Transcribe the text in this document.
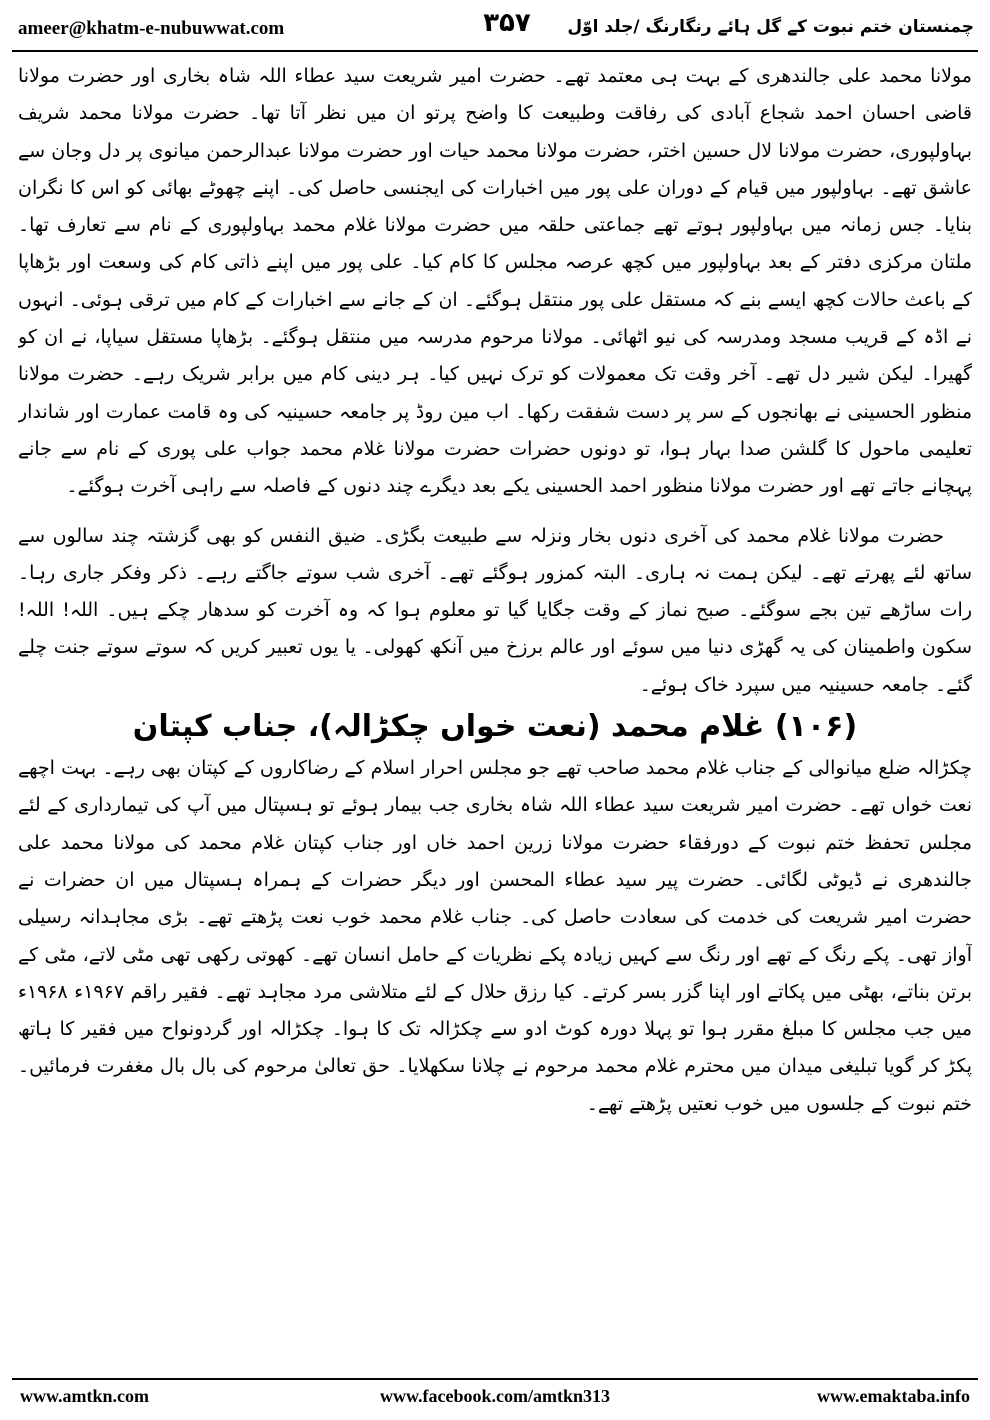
ameer@khatm-e-nubuwwat.com	۳۵۷	چمنستان ختم نبوت کے گل ہائے رنگارنگ /جلد اوّل

مولانا محمد علی جالندھری کے بہت ہی معتمد تھے۔ حضرت امیر شریعت سید عطاء اللہ شاہ بخاری اور حضرت مولانا قاضی احسان احمد شجاع آبادی کی رفاقت وطبیعت کا واضح پرتو ان میں نظر آتا تھا۔ حضرت مولانا محمد شریف بہاولپوری، حضرت مولانا لال حسین اختر، حضرت مولانا محمد حیات اور حضرت مولانا عبدالرحمن میانوی پر دل وجان سے عاشق تھے۔ بہاولپور میں قیام کے دوران علی پور میں اخبارات کی ایجنسی حاصل کی۔ اپنے چھوٹے بھائی کو اس کا نگران بنایا۔ جس زمانہ میں بہاولپور ہوتے تھے جماعتی حلقہ میں حضرت مولانا غلام محمد بہاولپوری کے نام سے تعارف تھا۔ ملتان مرکزی دفتر کے بعد بہاولپور میں کچھ عرصہ مجلس کا کام کیا۔ علی پور میں اپنے ذاتی کام کی وسعت اور بڑھاپا کے باعث حالات کچھ ایسے بنے کہ مستقل علی پور منتقل ہوگئے۔ ان کے جانے سے اخبارات کے کام میں ترقی ہوئی۔ انہوں نے اڈہ کے قریب مسجد ومدرسہ کی نیو اٹھائی۔ مولانا مرحوم مدرسہ میں منتقل ہوگئے۔ بڑھاپا مستقل سیاپا، نے ان کو گھیرا۔ لیکن شیر دل تھے۔ آخر وقت تک معمولات کو ترک نہیں کیا۔ ہر دینی کام میں برابر شریک رہے۔ حضرت مولانا منظور الحسینی نے بھانجوں کے سر پر دست شفقت رکھا۔ اب مین روڈ پر جامعہ حسینیہ کی وہ قامت عمارت اور شاندار تعلیمی ماحول کا گلشن صدا بہار ہوا، تو دونوں حضرات حضرت مولانا غلام محمد جواب علی پوری کے نام سے جانے پہچانے جاتے تھے اور حضرت مولانا منظور احمد الحسینی یکے بعد دیگرے چند دنوں کے فاصلہ سے راہی آخرت ہوگئے۔

حضرت مولانا غلام محمد کی آخری دنوں بخار ونزلہ سے طبیعت بگڑی۔ ضیق النفس کو بھی گزشتہ چند سالوں سے ساتھ لئے پھرتے تھے۔ لیکن ہمت نہ ہاری۔ البتہ کمزور ہوگئے تھے۔ آخری شب سوتے جاگتے رہے۔ ذکر وفکر جاری رہا۔ رات ساڑھے تین بجے سوگئے۔ صبح نماز کے وقت جگایا گیا تو معلوم ہوا کہ وہ آخرت کو سدھار چکے ہیں۔ اللہ! اللہ! سکون واطمینان کی یہ گھڑی دنیا میں سوئے اور عالم برزخ میں آنکھ کھولی۔ یا یوں تعبیر کریں کہ سوتے سوتے جنت چلے گئے۔ جامعہ حسینیہ میں سپرد خاک ہوئے۔

(۱۰۶) غلام محمد (نعت خواں چکڑالہ)، جناب کپتان

چکڑالہ ضلع میانوالی کے جناب غلام محمد صاحب تھے جو مجلس احرار اسلام کے رضاکاروں کے کپتان بھی رہے۔ بہت اچھے نعت خواں تھے۔ حضرت امیر شریعت سید عطاء اللہ شاہ بخاری جب بیمار ہوئے تو ہسپتال میں آپ کی تیمارداری کے لئے مجلس تحفظ ختم نبوت کے دورفقاء حضرت مولانا زرین احمد خاں اور جناب کپتان غلام محمد کی مولانا محمد علی جالندھری نے ڈیوٹی لگائی۔ حضرت پیر سید عطاء المحسن اور دیگر حضرات کے ہمراہ ہسپتال میں ان حضرات نے حضرت امیر شریعت کی خدمت کی سعادت حاصل کی۔ جناب غلام محمد خوب نعت پڑھتے تھے۔ بڑی مجاہدانہ رسیلی آواز تھی۔ پکے رنگ کے تھے اور رنگ سے کہیں زیادہ پکے نظریات کے حامل انسان تھے۔ کھوتی رکھی تھی مٹی لاتے، مٹی کے برتن بناتے، بھٹی میں پکاتے اور اپنا گزر بسر کرتے۔ کیا رزق حلال کے لئے متلاشی مرد مجاہد تھے۔ فقیر راقم ۱۹۶۷ء ۱۹۶۸ء میں جب مجلس کا مبلغ مقرر ہوا تو پہلا دورہ کوٹ ادو سے چکڑالہ تک کا ہوا۔ چکڑالہ اور گردونواح میں فقیر کا ہاتھ پکڑ کر گویا تبلیغی میدان میں محترم غلام محمد مرحوم نے چلانا سکھلایا۔ حق تعالیٰ مرحوم کی بال بال مغفرت فرمائیں۔ ختم نبوت کے جلسوں میں خوب نعتیں پڑھتے تھے۔

www.amtkn.com	www.facebook.com/amtkn313	www.emaktaba.info
